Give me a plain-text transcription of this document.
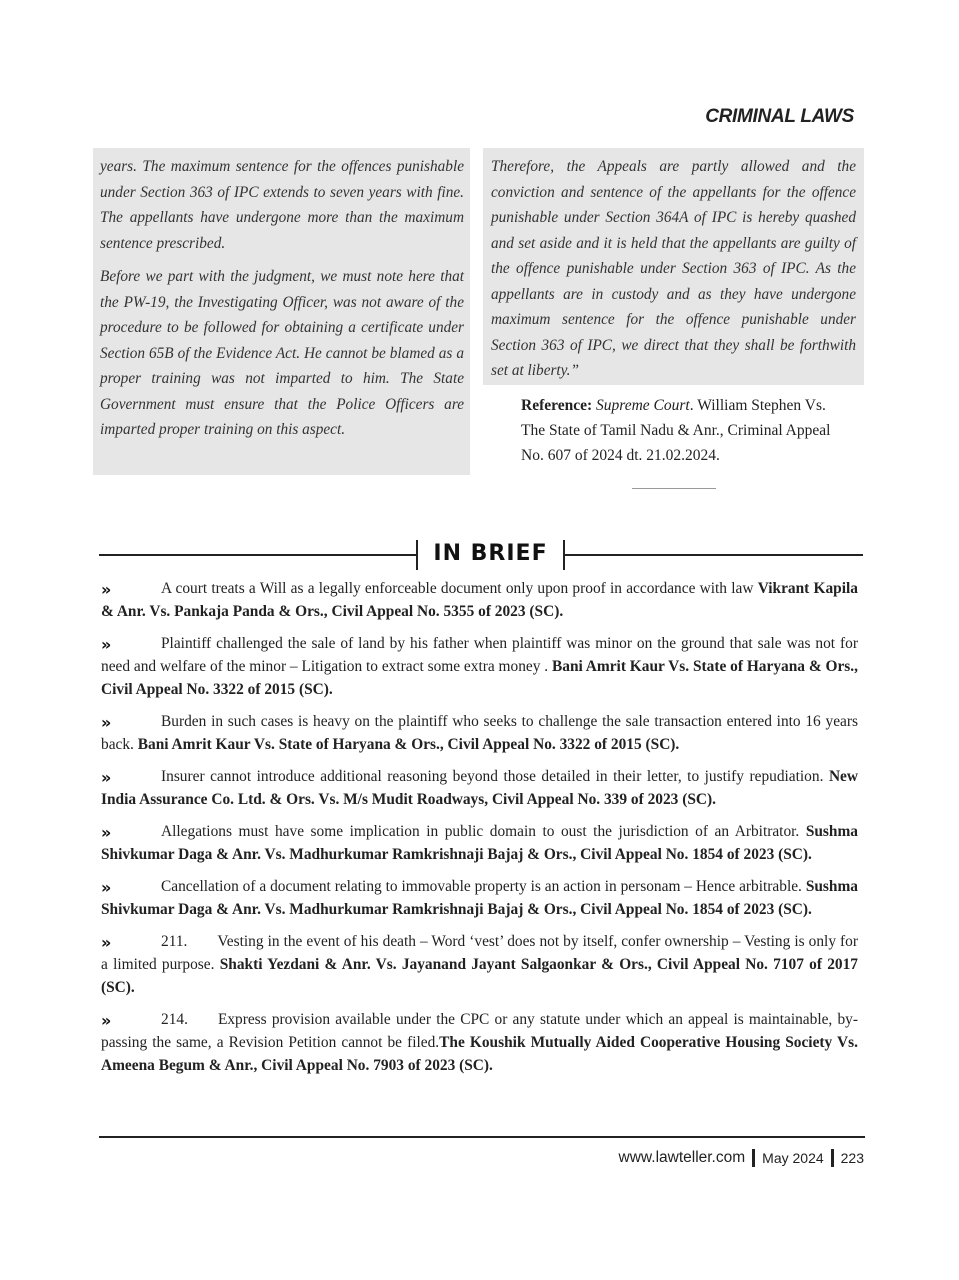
CRIMINAL LAWS

years. The maximum sentence for the offences punishable under Section 363 of IPC extends to seven years with fine. The appellants have undergone more than the maximum sentence prescribed.

Before we part with the judgment, we must note here that the PW-19, the Investigating Officer, was not aware of the procedure to be followed for obtaining a certificate under Section 65B of the Evidence Act. He cannot be blamed as a proper training was not imparted to him. The State Government must ensure that the Police Officers are imparted proper training on this aspect.

Therefore, the Appeals are partly allowed and the conviction and sentence of the appellants for the offence punishable under Section 364A of IPC is hereby quashed and set aside and it is held that the appellants are guilty of the offence punishable under Section 363 of IPC. As the appellants are in custody and as they have undergone maximum sentence for the offence punishable under Section 363 of IPC, we direct that they shall be forthwith set at liberty.”

Reference: Supreme Court. William Stephen Vs. The State of Tamil Nadu & Anr., Criminal Appeal No. 607 of 2024 dt. 21.02.2024.
IN BRIEF

»	A court treats a Will as a legally enforceable document only upon proof in accordance with law Vikrant Kapila & Anr. Vs. Pankaja Panda & Ors., Civil Appeal No. 5355 of 2023 (SC).

»	Plaintiff challenged the sale of land by his father when plaintiff was minor on the ground that sale was not for need and welfare of the minor – Litigation to extract some extra money . Bani Amrit Kaur Vs. State of Haryana & Ors., Civil Appeal No. 3322 of 2015 (SC).

»	Burden in such cases is heavy on the plaintiff who seeks to challenge the sale transaction entered into 16 years back. Bani Amrit Kaur Vs. State of Haryana & Ors., Civil Appeal No. 3322 of 2015 (SC).

»	Insurer cannot introduce additional reasoning beyond those detailed in their letter, to justify repudiation. New India Assurance Co. Ltd. & Ors. Vs. M/s Mudit Roadways, Civil Appeal No. 339 of 2023 (SC).

»	Allegations must have some implication in public domain to oust the jurisdiction of an Arbitrator. Sushma Shivkumar Daga & Anr. Vs. Madhurkumar Ramkrishnaji Bajaj & Ors., Civil Appeal No. 1854 of 2023 (SC).

»	Cancellation of a document relating to immovable property is an action in personam – Hence arbitrable. Sushma Shivkumar Daga & Anr. Vs. Madhurkumar Ramkrishnaji Bajaj & Ors., Civil Appeal No. 1854 of 2023 (SC).

»	211. Vesting in the event of his death – Word ‘vest’ does not by itself, confer ownership – Vesting is only for a limited purpose. Shakti Yezdani & Anr. Vs. Jayanand Jayant Salgaonkar & Ors., Civil Appeal No. 7107 of 2017 (SC).

»	214. Express provision available under the CPC or any statute under which an appeal is maintainable, by-passing the same, a Revision Petition cannot be filed.The Koushik Mutually Aided Cooperative Housing Society Vs. Ameena Begum & Anr., Civil Appeal No. 7903 of 2023 (SC).

www.lawteller.com May 2024 223
